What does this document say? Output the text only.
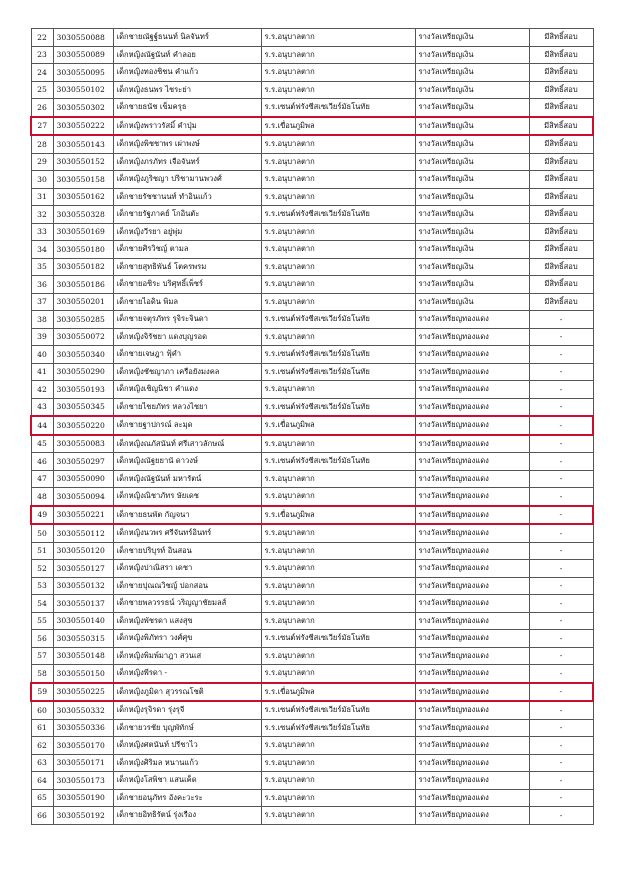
22	3030550088	เด็กชายณัฐฐ์ธนนท์ นิลจันทร์	ร.ร.อนุบาลตาก	รางวัลเหรียญเงิน	มีสิทธิ์สอบ
23	3030550089	เด็กหญิงณัฐนันท์ คำลอย	ร.ร.อนุบาลตาก	รางวัลเหรียญเงิน	มีสิทธิ์สอบ
24	3030550095	เด็กหญิงทองชิชน คำแก้ว	ร.ร.อนุบาลตาก	รางวัลเหรียญเงิน	มีสิทธิ์สอบ
25	3030550102	เด็กหญิงธนพร ไชระย่า	ร.ร.อนุบาลตาก	รางวัลเหรียญเงิน	มีสิทธิ์สอบ
26	3030550302	เด็กชายธนัช เข็มครุธ	ร.ร.เซนต์ฟรังซีสเซเวียร์มัธโนทัย	รางวัลเหรียญเงิน	มีสิทธิ์สอบ
27	3030550222	เด็กหญิงพราวรัสมิ์ คำปุ่ม	ร.ร.เขื่อนภูมิพล	รางวัลเหรียญเงิน	มีสิทธิ์สอบ
28	3030550143	เด็กหญิงพิชชาพร เผ่าพงษ์	ร.ร.อนุบาลตาก	รางวัลเหรียญเงิน	มีสิทธิ์สอบ
29	3030550152	เด็กหญิงภรภัทร เจือจันทร์	ร.ร.อนุบาลตาก	รางวัลเหรียญเงิน	มีสิทธิ์สอบ
30	3030550158	เด็กหญิงภูริชญา ปริชามานพวงศ์	ร.ร.อนุบาลตาก	รางวัลเหรียญเงิน	มีสิทธิ์สอบ
31	3030550162	เด็กชายรัชชานนท์ ทำอินแก้ว	ร.ร.อนุบาลตาก	รางวัลเหรียญเงิน	มีสิทธิ์สอบ
32	3030550328	เด็กชายรัฐภาคย์ โกอินตัะ	ร.ร.เซนต์ฟรังซีสเซเวียร์มัธโนทัย	รางวัลเหรียญเงิน	มีสิทธิ์สอบ
33	3030550169	เด็กหญิงวีรยา อยู่พุ่ม	ร.ร.อนุบาลตาก	รางวัลเหรียญเงิน	มีสิทธิ์สอบ
34	3030550180	เด็กชายศิรวิชญ์ ตามล	ร.ร.อนุบาลตาก	รางวัลเหรียญเงิน	มีสิทธิ์สอบ
35	3030550182	เด็กชายสุทธิพันธ์ โตครพรม	ร.ร.อนุบาลตาก	รางวัลเหรียญเงิน	มีสิทธิ์สอบ
36	3030550186	เด็กชายอชิระ บริศุทธิ์เพ็ชร์	ร.ร.อนุบาลตาก	รางวัลเหรียญเงิน	มีสิทธิ์สอบ
37	3030550201	เด็กชายไอดิน พิมล	ร.ร.อนุบาลตาก	รางวัลเหรียญเงิน	มีสิทธิ์สอบ
38	3030550285	เด็กชายจตุรภัทร รุจิระจินดา	ร.ร.เซนต์ฟรังซีสเซเวียร์มัธโนทัย	รางวัลเหรียญทองแดง	-
39	3030550072	เด็กหญิงจิรัชยา แดงบุญรอด	ร.ร.อนุบาลตาก	รางวัลเหรียญทองแดง	-
40	3030550340	เด็กชายเจษฎา ฟุ้คำ	ร.ร.เซนต์ฟรังซีสเซเวียร์มัธโนทัย	รางวัลเหรียญทองแดง	-
41	3030550290	เด็กหญิงชัชญาภา เครือยังมงคล	ร.ร.เซนต์ฟรังซีสเซเวียร์มัธโนทัย	รางวัลเหรียญทองแดง	-
42	3030550193	เด็กหญิงเชิญนิชา คำแดง	ร.ร.อนุบาลตาก	รางวัลเหรียญทองแดง	-
43	3030550345	เด็กชายไชยภัทร หลวงไชยา	ร.ร.เซนต์ฟรังซีสเซเวียร์มัธโนทัย	รางวัลเหรียญทองแดง	-
44	3030550220	เด็กชายฐาปกรณ์ ละมุด	ร.ร.เขื่อนภูมิพล	รางวัลเหรียญทองแดง	-
45	3030550083	เด็กหญิงณภัสนันท์ ศรีเสาวลักษณ์	ร.ร.อนุบาลตาก	รางวัลเหรียญทองแดง	-
46	3030550297	เด็กหญิงณัฐยยานั ดาวงษ์	ร.ร.เซนต์ฟรังซีสเซเวียร์มัธโนทัย	รางวัลเหรียญทองแดง	-
47	3030550090	เด็กหญิงณัฐนันท์ มหารัตน์	ร.ร.อนุบาลตาก	รางวัลเหรียญทองแดง	-
48	3030550094	เด็กหญิงณิชาภัทร ษัยเดช	ร.ร.อนุบาลตาก	รางวัลเหรียญทองแดง	-
49	3030550221	เด็กชายธนพัต กัญจนา	ร.ร.เขื่อนภูมิพล	รางวัลเหรียญทองแดง	-
50	3030550112	เด็กหญิงนวพร ศรีจันทร์อินทร์	ร.ร.อนุบาลตาก	รางวัลเหรียญทองแดง	-
51	3030550120	เด็กชายปริบุรท์ อินสอน	ร.ร.อนุบาลตาก	รางวัลเหรียญทองแดง	-
52	3030550127	เด็กหญิงปาณิสรา เดชา	ร.ร.อนุบาลตาก	รางวัลเหรียญทองแดง	-
53	3030550132	เด็กชายปุณณวิชญ์ ปอกสอน	ร.ร.อนุบาลตาก	รางวัลเหรียญทองแดง	-
54	3030550137	เด็กชายพลวรรธน์ วริญญาชัยมลส์	ร.ร.อนุบาลตาก	รางวัลเหรียญทองแดง	-
55	3030550140	เด็กหญิงพัชรดา แสงสุข	ร.ร.อนุบาลตาก	รางวัลเหรียญทองแดง	-
56	3030550315	เด็กหญิงพิภัทรา วงศ์ศุข	ร.ร.เซนต์ฟรังซีสเซเวียร์มัธโนทัย	รางวัลเหรียญทองแดง	-
57	3030550148	เด็กหญิงพิมพ์มาฎา สวนเส	ร.ร.อนุบาลตาก	รางวัลเหรียญทองแดง	-
58	3030550150	เด็กหญิงพีรดา -	ร.ร.อนุบาลตาก	รางวัลเหรียญทองแดง	-
59	3030550225	เด็กหญิงภูมิดา สุวรรณโชติ	ร.ร.เขื่อนภูมิพล	รางวัลเหรียญทองแดง	-
60	3030550332	เด็กหญิงรุจิรดา รุ่งรุจี	ร.ร.เซนต์ฟรังซีสเซเวียร์มัธโนทัย	รางวัลเหรียญทองแดง	-
61	3030550336	เด็กชายวรชัย บุญพัทักษ์	ร.ร.เซนต์ฟรังซีสเซเวียร์มัธโนทัย	รางวัลเหรียญทองแดง	-
62	3030550170	เด็กหญิงศตนันท์ ปรีชาไว	ร.ร.อนุบาลตาก	รางวัลเหรียญทองแดง	-
63	3030550171	เด็กหญิงศิริมล หนานแก้ว	ร.ร.อนุบาลตาก	รางวัลเหรียญทองแดง	-
64	3030550173	เด็กหญิงโสพิชา แสนเค็ด	ร.ร.อนุบาลตาก	รางวัลเหรียญทองแดง	-
65	3030550190	เด็กชายอนุภัทร อังคะวะระ	ร.ร.อนุบาลตาก	รางวัลเหรียญทองแดง	-
66	3030550192	เด็กชายอิทธิรัตน์ รุ่งเรือง	ร.ร.อนุบาลตาก	รางวัลเหรียญทองแดง	-
